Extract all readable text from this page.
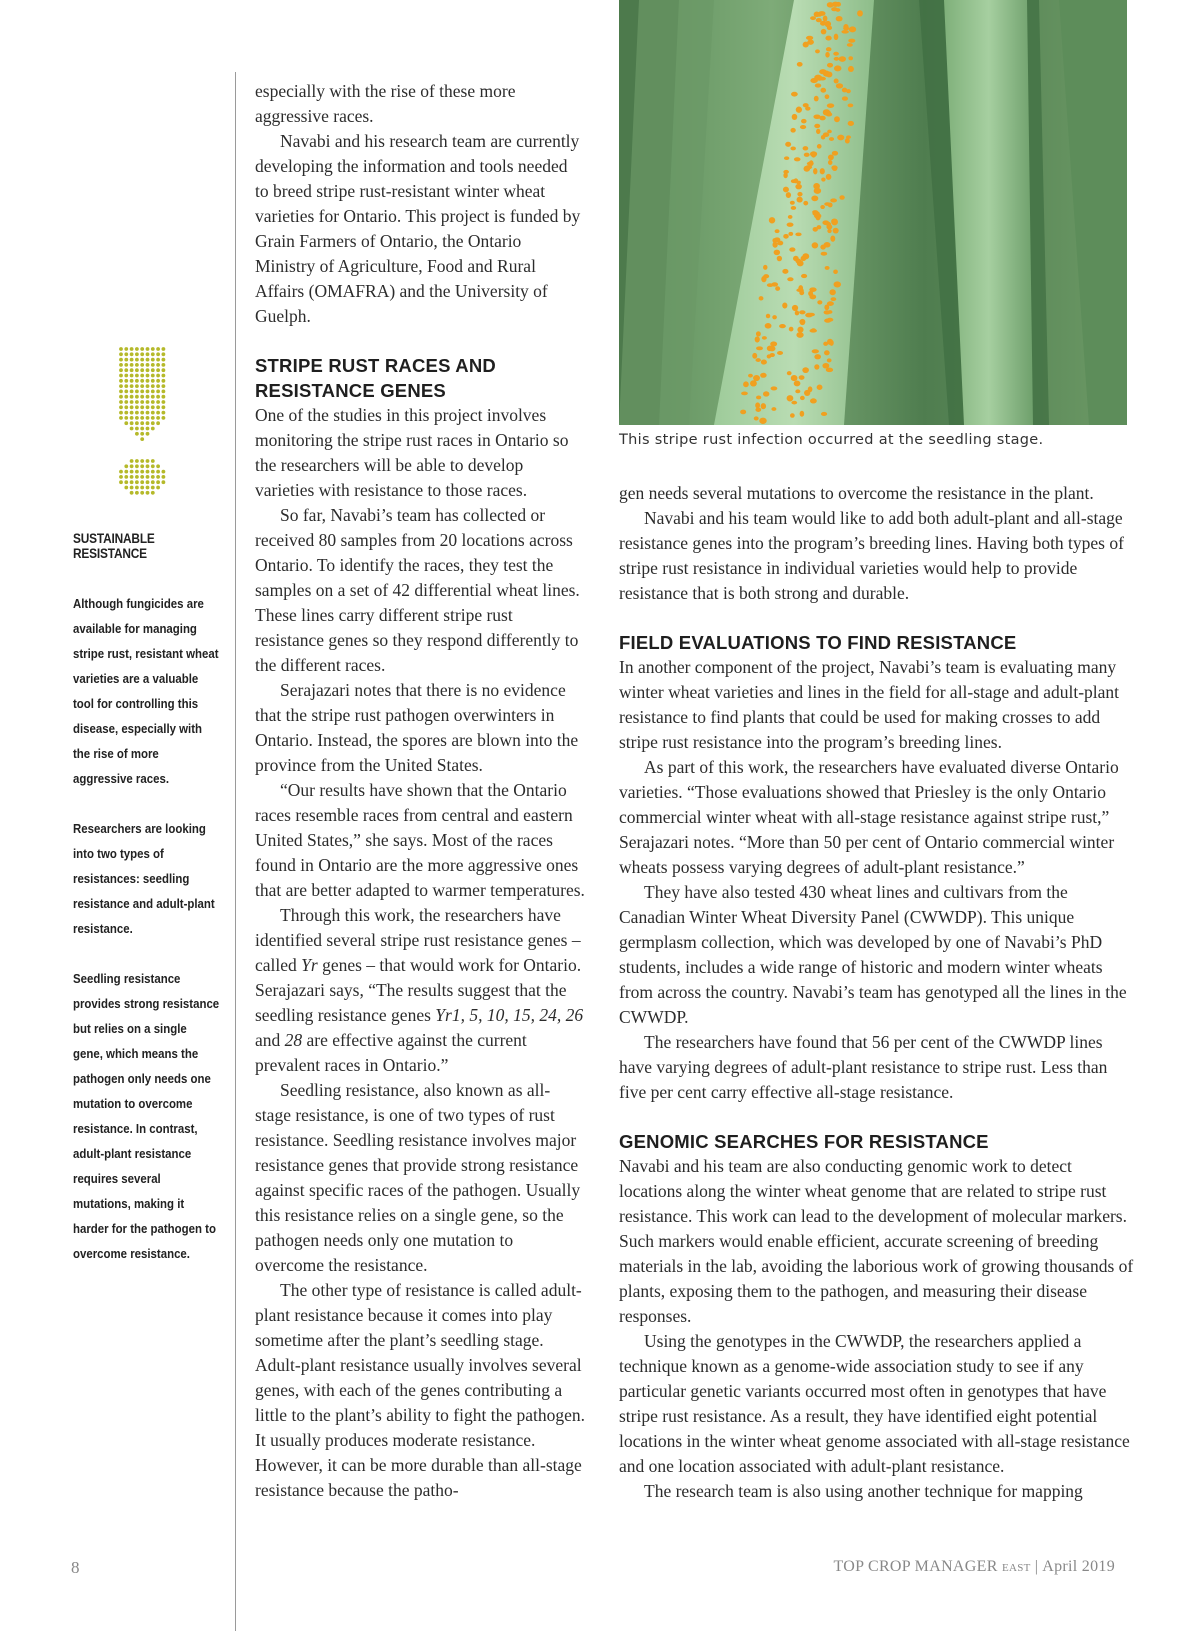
SUSTAINABLE RESISTANCE

Although fungicides are available for managing stripe rust, resistant wheat varieties are a valuable tool for controlling this disease, especially with the rise of more aggressive races.

Researchers are looking into two types of resistances: seedling resistance and adult-plant resistance.

Seedling resistance provides strong resistance but relies on a single gene, which means the pathogen only needs one mutation to overcome resistance. In contrast, adult-plant resistance requires several mutations, making it harder for the pathogen to overcome resistance.

especially with the rise of these more aggressive races.

Navabi and his research team are currently developing the information and tools needed to breed stripe rust-resistant winter wheat varieties for Ontario. This project is funded by Grain Farmers of Ontario, the Ontario Ministry of Agriculture, Food and Rural Affairs (OMAFRA) and the University of Guelph.

STRIPE RUST RACES AND RESISTANCE GENES

One of the studies in this project involves monitoring the stripe rust races in Ontario so the researchers will be able to develop varieties with resistance to those races.

So far, Navabi’s team has collected or received 80 samples from 20 locations across Ontario. To identify the races, they test the samples on a set of 42 differential wheat lines. These lines carry different stripe rust resistance genes so they respond differently to the different races.

Serajazari notes that there is no evidence that the stripe rust pathogen overwinters in Ontario. Instead, the spores are blown into the province from the United States.

“Our results have shown that the Ontario races resemble races from central and eastern United States,” she says. Most of the races found in Ontario are the more aggressive ones that are better adapted to warmer temperatures.

Through this work, the researchers have identified several stripe rust resistance genes – called Yr genes – that would work for Ontario. Serajazari says, “The results suggest that the seedling resistance genes Yr1, 5, 10, 15, 24, 26 and 28 are effective against the current prevalent races in Ontario.”

Seedling resistance, also known as all-stage resistance, is one of two types of rust resistance. Seedling resistance involves major resistance genes that provide strong resistance against specific races of the pathogen. Usually this resistance relies on a single gene, so the pathogen needs only one mutation to overcome the resistance.

The other type of resistance is called adult-plant resistance because it comes into play sometime after the plant’s seedling stage. Adult-plant resistance usually involves several genes, with each of the genes contributing a little to the plant’s ability to fight the pathogen. It usually produces moderate resistance. However, it can be more durable than all-stage resistance because the patho-

This stripe rust infection occurred at the seedling stage.

gen needs several mutations to overcome the resistance in the plant.

Navabi and his team would like to add both adult-plant and all-stage resistance genes into the program’s breeding lines. Having both types of stripe rust resistance in individual varieties would help to provide resistance that is both strong and durable.

FIELD EVALUATIONS TO FIND RESISTANCE

In another component of the project, Navabi’s team is evaluating many winter wheat varieties and lines in the field for all-stage and adult-plant resistance to find plants that could be used for making crosses to add stripe rust resistance into the program’s breeding lines.

As part of this work, the researchers have evaluated diverse Ontario varieties. “Those evaluations showed that Priesley is the only Ontario commercial winter wheat with all-stage resistance against stripe rust,” Serajazari notes. “More than 50 per cent of Ontario commercial winter wheats possess varying degrees of adult-plant resistance.”

They have also tested 430 wheat lines and cultivars from the Canadian Winter Wheat Diversity Panel (CWWDP). This unique germplasm collection, which was developed by one of Navabi’s PhD students, includes a wide range of historic and modern winter wheats from across the country. Navabi’s team has genotyped all the lines in the CWWDP.

The researchers have found that 56 per cent of the CWWDP lines have varying degrees of adult-plant resistance to stripe rust. Less than five per cent carry effective all-stage resistance.

GENOMIC SEARCHES FOR RESISTANCE

Navabi and his team are also conducting genomic work to detect locations along the winter wheat genome that are related to stripe rust resistance. This work can lead to the development of molecular markers. Such markers would enable efficient, accurate screening of breeding materials in the lab, avoiding the laborious work of growing thousands of plants, exposing them to the pathogen, and measuring their disease responses.

Using the genotypes in the CWWDP, the researchers applied a technique known as a genome-wide association study to see if any particular genetic variants occurred most often in genotypes that have stripe rust resistance. As a result, they have identified eight potential locations in the winter wheat genome associated with all-stage resistance and one location associated with adult-plant resistance.

The research team is also using another technique for mapping

8	TOP CROP MANAGER EAST | April 2019
